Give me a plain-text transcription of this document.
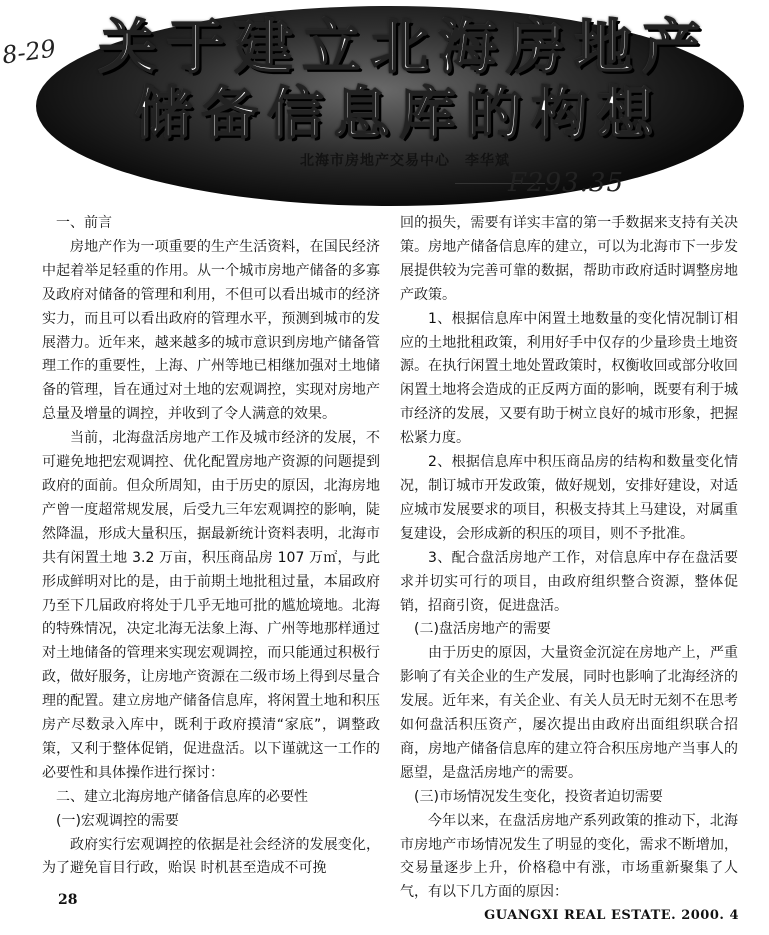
关于建立北海房地产
储备信息库的构想
8-29
北海市房地产交易中心　李华斌
F293.35

一、前言

房地产作为一项重要的生产生活资料，在国民经济中起着举足轻重的作用。从一个城市房地产储备的多寡及政府对储备的管理和利用，不但可以看出城市的经济实力，而且可以看出政府的管理水平，预测到城市的发展潜力。近年来，越来越多的城市意识到房地产储备管理工作的重要性，上海、广州等地已相继加强对土地储备的管理，旨在通过对土地的宏观调控，实现对房地产总量及增量的调控，并收到了令人满意的效果。

当前，北海盘活房地产工作及城市经济的发展，不可避免地把宏观调控、优化配置房地产资源的问题提到政府的面前。但众所周知，由于历史的原因，北海房地产曾一度超常规发展，后受九三年宏观调控的影响，陡然降温，形成大量积压，据最新统计资料表明，北海市共有闲置土地 3.2 万亩，积压商品房 107 万㎡，与此形成鲜明对比的是，由于前期土地批租过量，本届政府乃至下几届政府将处于几乎无地可批的尴尬境地。北海的特殊情况，决定北海无法象上海、广州等地那样通过对土地储备的管理来实现宏观调控，而只能通过积极行政，做好服务，让房地产资源在二级市场上得到尽量合理的配置。建立房地产储备信息库，将闲置土地和积压房产尽数录入库中，既利于政府摸清“家底”，调整政策，又利于整体促销，促进盘活。以下谨就这一工作的必要性和具体操作进行探讨：

二、建立北海房地产储备信息库的必要性

(一)宏观调控的需要

政府实行宏观调控的依据是社会经济的发展变化，为了避免盲目行政，贻误 时机甚至造成不可挽

回的损失，需要有详实丰富的第一手数据来支持有关决策。房地产储备信息库的建立，可以为北海市下一步发展提供较为完善可靠的数据，帮助市政府适时调整房地产政策。

1、根据信息库中闲置土地数量的变化情况制订相应的土地批租政策，利用好手中仅存的少量珍贵土地资源。在执行闲置土地处置政策时，权衡收回或部分收回闲置土地将会造成的正反两方面的影响，既要有利于城市经济的发展，又要有助于树立良好的城市形象，把握松紧力度。

2、根据信息库中积压商品房的结构和数量变化情况，制订城市开发政策，做好规划，安排好建设，对适应城市发展要求的项目，积极支持其上马建设，对属重复建设，会形成新的积压的项目，则不予批准。

3、配合盘活房地产工作，对信息库中存在盘活要求并切实可行的项目，由政府组织整合资源，整体促销，招商引资，促进盘活。

(二)盘活房地产的需要

由于历史的原因，大量资金沉淀在房地产上，严重影响了有关企业的生产发展，同时也影响了北海经济的发展。近年来，有关企业、有关人员无时无刻不在思考如何盘活积压资产，屡次提出由政府出面组织联合招商，房地产储备信息库的建立符合积压房地产当事人的愿望，是盘活房地产的需要。

(三)市场情况发生变化，投资者迫切需要

今年以来，在盘活房地产系列政策的推动下，北海市房地产市场情况发生了明显的变化，需求不断增加，交易量逐步上升，价格稳中有涨，市场重新聚集了人气，有以下几方面的原因：

28
GUANGXI REAL ESTATE. 2000. 4
